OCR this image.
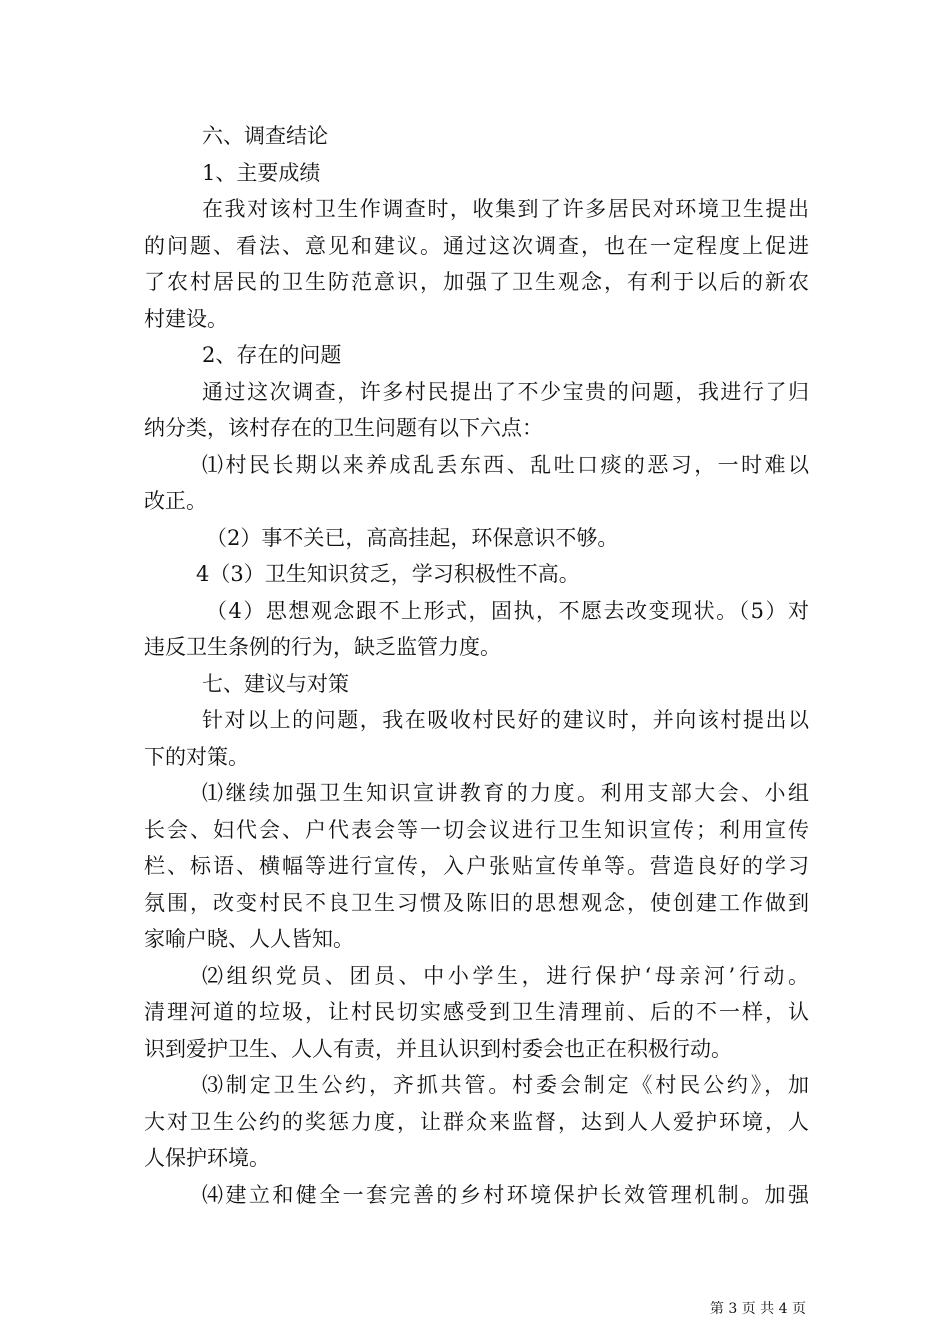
六、调查结论
1、主要成绩
在我对该村卫生作调查时，收集到了许多居民对环境卫生提出
的问题、看法、意见和建议。通过这次调查，也在一定程度上促进
了农村居民的卫生防范意识，加强了卫生观念，有利于以后的新农
村建设。
2、存在的问题
通过这次调查，许多村民提出了不少宝贵的问题，我进行了归
纳分类，该村存在的卫生问题有以下六点：
⑴村民长期以来养成乱丢东西、乱吐口痰的恶习，一时难以
改正。
（2）事不关已，高高挂起，环保意识不够。
4（3）卫生知识贫乏，学习积极性不高。
（4）思想观念跟不上形式，固执，不愿去改变现状。（5）对
违反卫生条例的行为，缺乏监管力度。
七、建议与对策
针对以上的问题，我在吸收村民好的建议时，并向该村提出以
下的对策。
⑴继续加强卫生知识宣讲教育的力度。利用支部大会、小组
长会、妇代会、户代表会等一切会议进行卫生知识宣传；利用宣传
栏、标语、横幅等进行宣传，入户张贴宣传单等。营造良好的学习
氛围，改变村民不良卫生习惯及陈旧的思想观念，使创建工作做到
家喻户晓、人人皆知。
⑵组织党员、团员、中小学生，进行保护‘母亲河’行动。
清理河道的垃圾，让村民切实感受到卫生清理前、后的不一样，认
识到爱护卫生、人人有责，并且认识到村委会也正在积极行动。
⑶制定卫生公约，齐抓共管。村委会制定《村民公约》，加
大对卫生公约的奖惩力度，让群众来监督，达到人人爱护环境，人
人保护环境。
⑷建立和健全一套完善的乡村环境保护长效管理机制。加强
第 3 页 共 4 页
